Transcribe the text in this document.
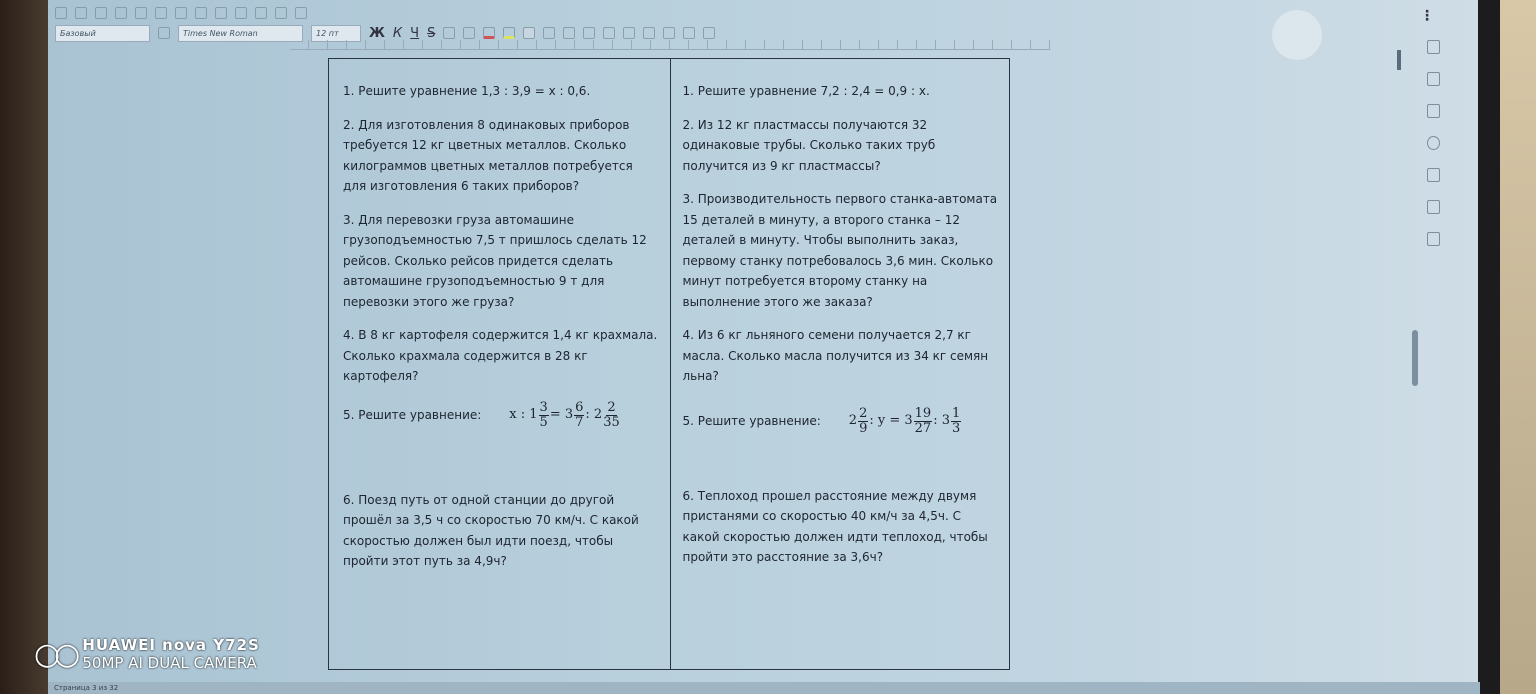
Базовый	Times New Roman	12 пт	Ж К Ч S
⋮

1. Решите уравнение 1,3 : 3,9 = x : 0,6.

2. Для изготовления 8 одинаковых приборов требуется 12 кг цветных металлов. Сколько килограммов цветных металлов потребуется для изготовления 6 таких приборов?

3. Для перевозки груза автомашине грузоподъемностью 7,5 т пришлось сделать 12 рейсов. Сколько рейсов придется сделать автомашине грузоподъемностью 9 т для перевозки этого же груза?

4. В 8 кг картофеля содержится 1,4 кг крахмала. Сколько крахмала содержится в 28 кг картофеля?

5. Решите уравнение: x : $1 \frac{3}{5} = 3 \frac{6}{7}$ : $2 \frac{2}{35}$

6. Поезд путь от одной станции до другой прошёл за 3,5 ч со скоростью 70 км/ч. С какой скоростью должен был идти поезд, чтобы пройти этот путь за 4,9ч?

1. Решите уравнение 7,2 : 2,4 = 0,9 : x.

2. Из 12 кг пластмассы получаются 32 одинаковые трубы. Сколько таких труб получится из 9 кг пластмассы?

3. Производительность первого станка-автомата 15 деталей в минуту, а второго станка – 12 деталей в минуту. Чтобы выполнить заказ, первому станку потребовалось 3,6 мин. Сколько минут потребуется второму станку на выполнение этого же заказа?

4. Из 6 кг льняного семени получается 2,7 кг масла. Сколько масла получится из 34 кг семян льна?

5. Решите уравнение: $2 \frac{2}{9}$ : $y = 3 \frac{19}{27}$ : $3 \frac{1}{3}$

6. Теплоход прошел расстояние между двумя пристанями со скоростью 40 км/ч за 4,5ч. С какой скоростью должен идти теплоход, чтобы пройти это расстояние за 3,6ч?

Страница 3 из 32
○○ HUAWEI nova Y72S
50MP AI DUAL CAMERA
